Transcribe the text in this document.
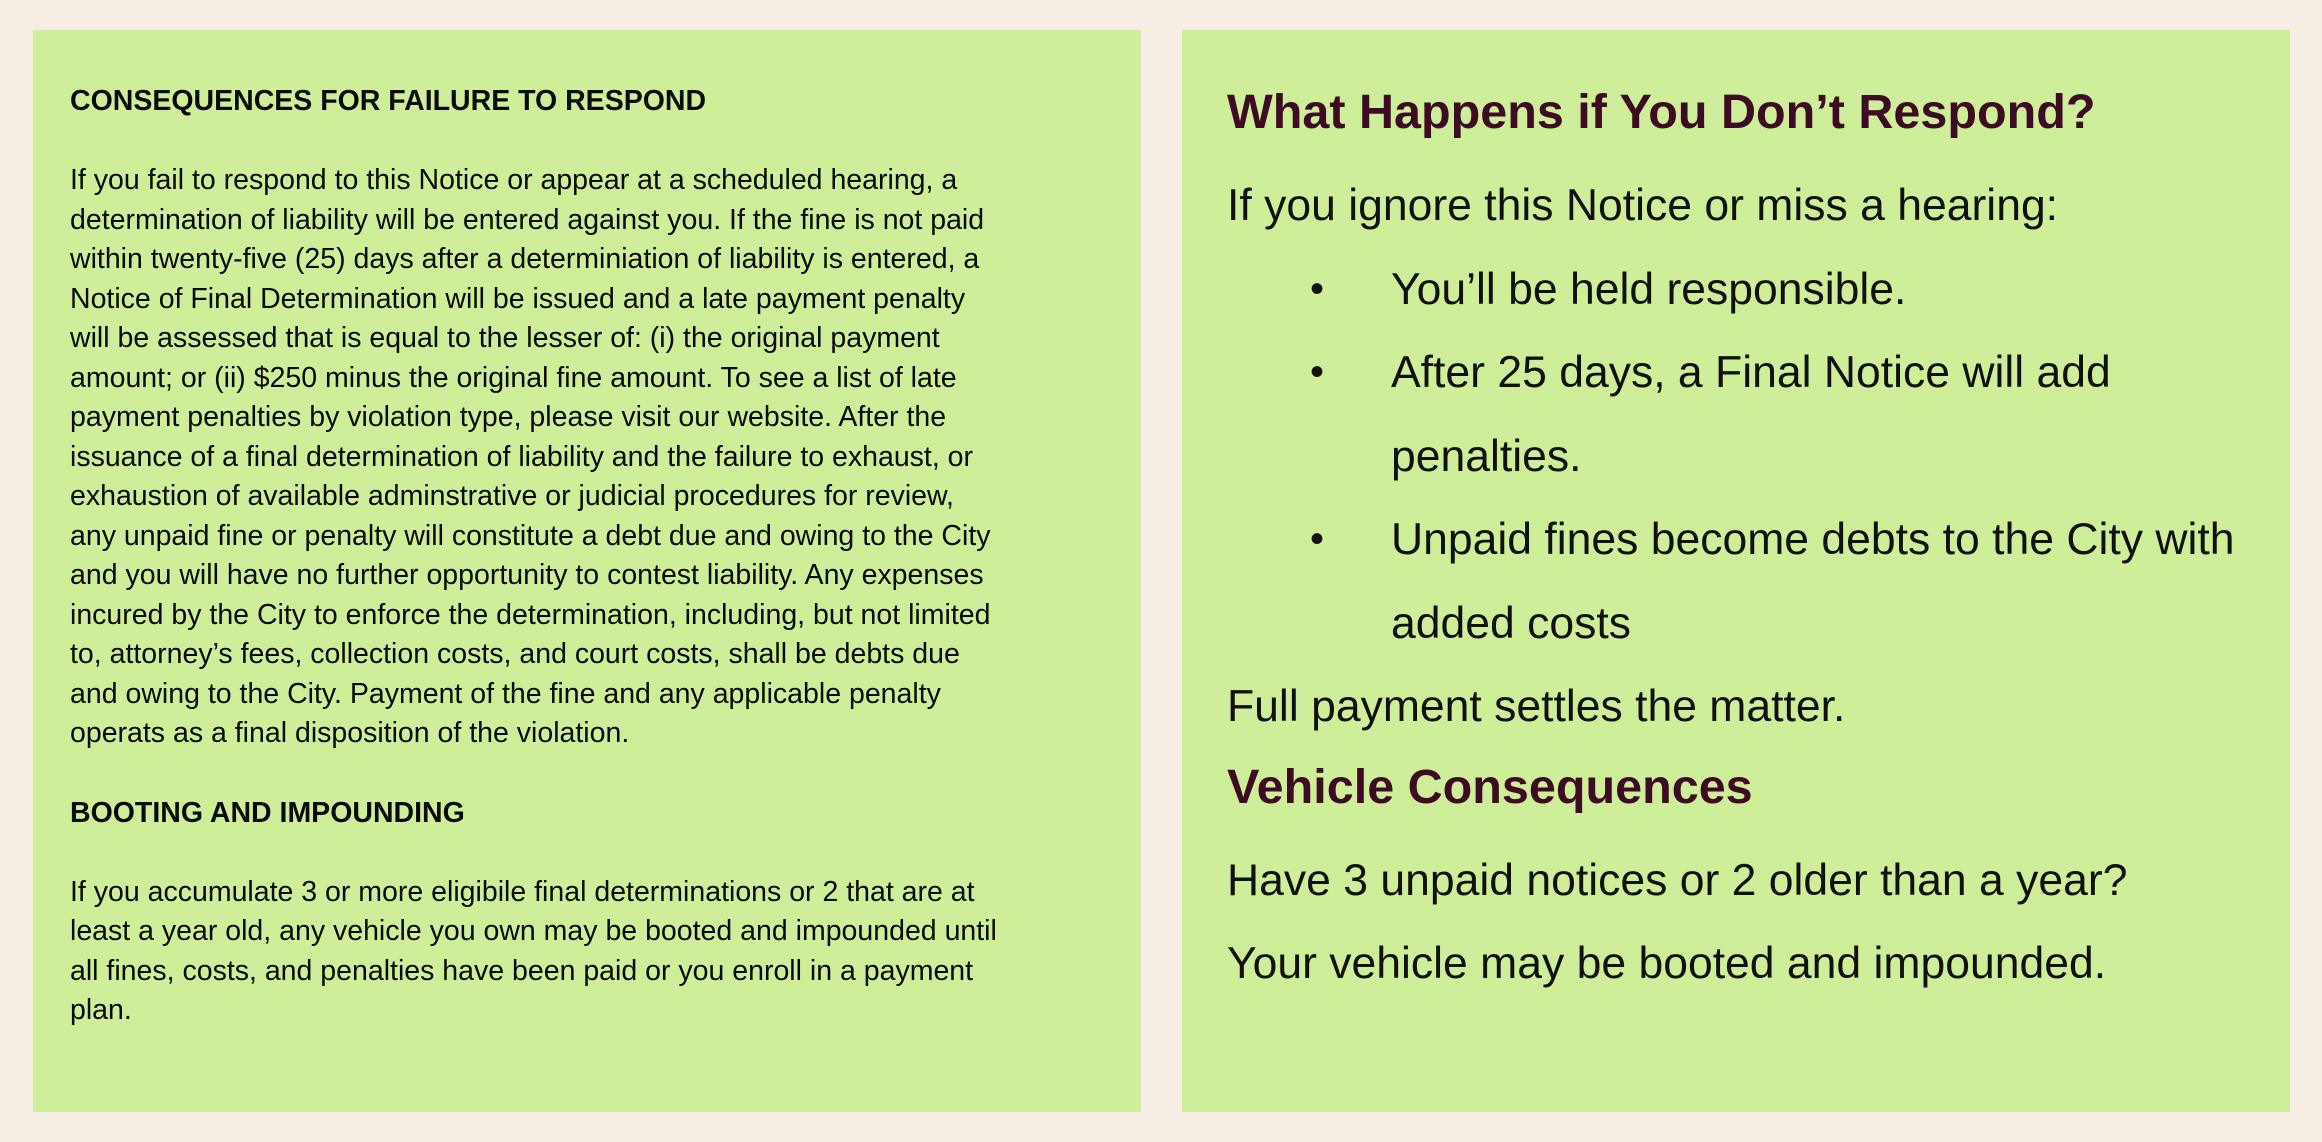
CONSEQUENCES FOR FAILURE TO RESPOND

If you fail to respond to this Notice or appear at a scheduled hearing, a
determination of liability will be entered against you. If the fine is not paid
within twenty-five (25) days after a determiniation of liability is entered, a
Notice of Final Determination will be issued and a late payment penalty
will be assessed that is equal to the lesser of: (i) the original payment
amount; or (ii) $250 minus the original fine amount. To see a list of late
payment penalties by violation type, please visit our website. After the
issuance of a final determination of liability and the failure to exhaust, or
exhaustion of available adminstrative or judicial procedures for review,
any unpaid fine or penalty will constitute a debt due and owing to the City
and you will have no further opportunity to contest liability. Any expenses
incured by the City to enforce the determination, including, but not limited
to, attorney’s fees, collection costs, and court costs, shall be debts due
and owing to the City. Payment of the fine and any applicable penalty
operats as a final disposition of the violation.

BOOTING AND IMPOUNDING

If you accumulate 3 or more eligibile final determinations or 2 that are at
least a year old, any vehicle you own may be booted and impounded until
all fines, costs, and penalties have been paid or you enroll in a payment
plan.

What Happens if You Don’t Respond?

If you ignore this Notice or miss a hearing:

• You’ll be held responsible.
• After 25 days, a Final Notice will add penalties.
• Unpaid fines become debts to the City with added costs

Full payment settles the matter.

Vehicle Consequences

Have 3 unpaid notices or 2 older than a year?

Your vehicle may be booted and impounded.
